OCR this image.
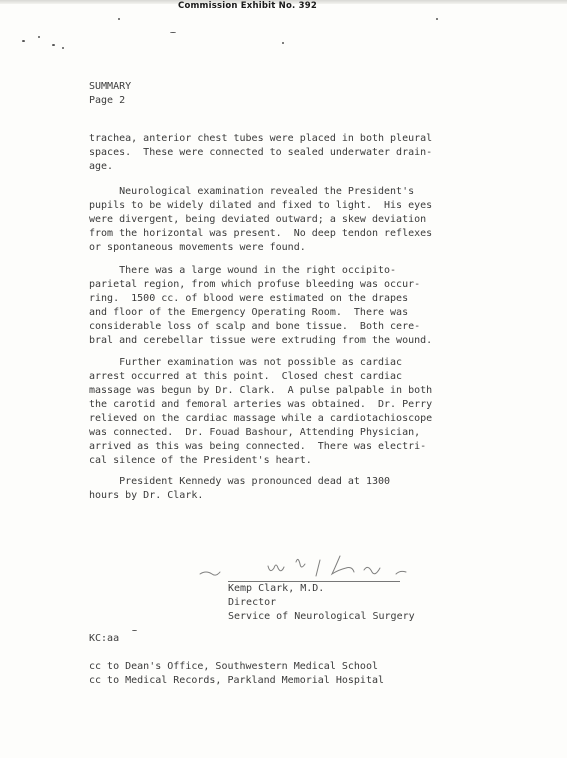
Commission Exhibit No. 392
SUMMARY
Page 2
trachea, anterior chest tubes were placed in both pleural
spaces.  These were connected to sealed underwater drain-
age.
Neurological examination revealed the President's
pupils to be widely dilated and fixed to light.  His eyes
were divergent, being deviated outward; a skew deviation
from the horizontal was present.  No deep tendon reflexes
or spontaneous movements were found.
There was a large wound in the right occipito-
parietal region, from which profuse bleeding was occur-
ring.  1500 cc. of blood were estimated on the drapes
and floor of the Emergency Operating Room.  There was
considerable loss of scalp and bone tissue.  Both cere-
bral and cerebellar tissue were extruding from the wound.
Further examination was not possible as cardiac
arrest occurred at this point.  Closed chest cardiac
massage was begun by Dr. Clark.  A pulse palpable in both
the carotid and femoral arteries was obtained.  Dr. Perry
relieved on the cardiac massage while a cardiotachioscope
was connected.  Dr. Fouad Bashour, Attending Physician,
arrived as this was being connected.  There was electri-
cal silence of the President's heart.
President Kennedy was pronounced dead at 1300
hours by Dr. Clark.
Kemp Clark, M.D.
Director
Service of Neurological Surgery
KC:aa
cc to Dean's Office, Southwestern Medical School
cc to Medical Records, Parkland Memorial Hospital
